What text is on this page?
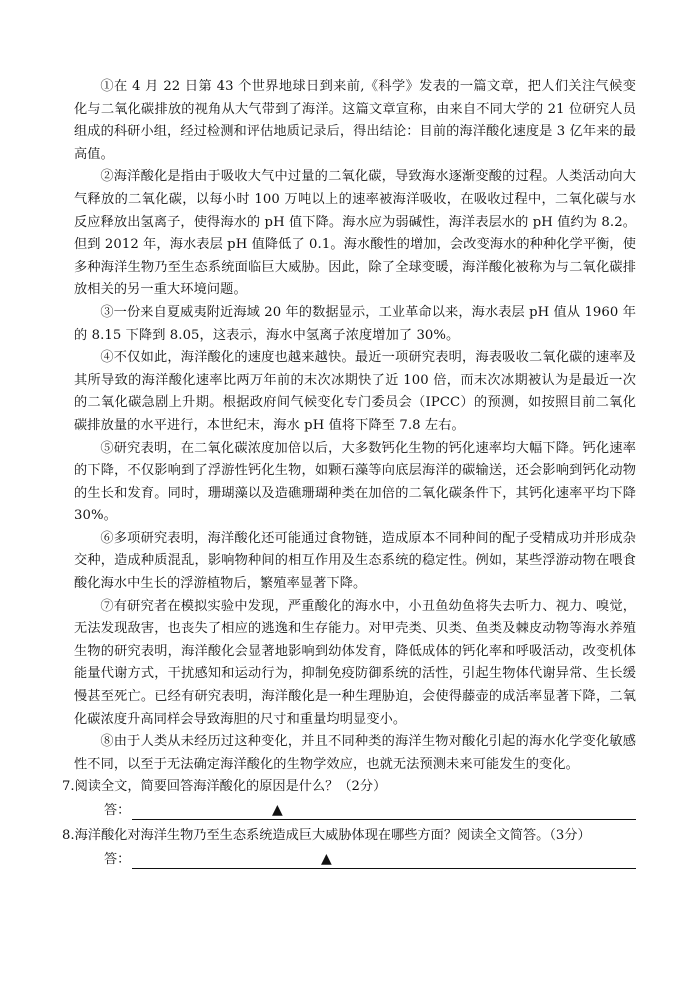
①在 4 月 22 日第 43 个世界地球日到来前,《科学》发表的一篇文章，把人们关注气候变化与二氧化碳排放的视角从大气带到了海洋。这篇文章宣称，由来自不同大学的 21 位研究人员组成的科研小组，经过检测和评估地质记录后，得出结论：目前的海洋酸化速度是 3 亿年来的最高值。

②海洋酸化是指由于吸收大气中过量的二氧化碳，导致海水逐渐变酸的过程。人类活动向大气释放的二氧化碳，以每小时 100 万吨以上的速率被海洋吸收，在吸收过程中，二氧化碳与水反应释放出氢离子，使得海水的 pH 值下降。海水应为弱碱性，海洋表层水的 pH 值约为 8.2。但到 2012 年，海水表层 pH 值降低了 0.1。海水酸性的增加，会改变海水的种种化学平衡，使多种海洋生物乃至生态系统面临巨大威胁。因此，除了全球变暖，海洋酸化被称为与二氧化碳排放相关的另一重大环境问题。

③一份来自夏威夷附近海域 20 年的数据显示，工业革命以来，海水表层 pH 值从 1960 年的 8.15 下降到 8.05，这表示，海水中氢离子浓度增加了 30%。

④不仅如此，海洋酸化的速度也越来越快。最近一项研究表明，海表吸收二氧化碳的速率及其所导致的海洋酸化速率比两万年前的末次冰期快了近 100 倍，而末次冰期被认为是最近一次的二氧化碳急剧上升期。根据政府间气候变化专门委员会（IPCC）的预测，如按照目前二氧化碳排放量的水平进行，本世纪末，海水 pH 值将下降至 7.8 左右。

⑤研究表明，在二氧化碳浓度加倍以后，大多数钙化生物的钙化速率均大幅下降。钙化速率的下降，不仅影响到了浮游性钙化生物，如颗石藻等向底层海洋的碳输送，还会影响到钙化动物的生长和发育。同时，珊瑚藻以及造礁珊瑚种类在加倍的二氧化碳条件下，其钙化速率平均下降 30%。

⑥多项研究表明，海洋酸化还可能通过食物链，造成原本不同种间的配子受精成功并形成杂交种，造成种质混乱，影响物种间的相互作用及生态系统的稳定性。例如，某些浮游动物在喂食酸化海水中生长的浮游植物后，繁殖率显著下降。

⑦有研究者在模拟实验中发现，严重酸化的海水中，小丑鱼幼鱼将失去听力、视力、嗅觉，无法发现敌害，也丧失了相应的逃逸和生存能力。对甲壳类、贝类、鱼类及棘皮动物等海水养殖生物的研究表明，海洋酸化会显著地影响到幼体发育，降低成体的钙化率和呼吸活动，改变机体能量代谢方式，干扰感知和运动行为，抑制免疫防御系统的活性，引起生物体代谢异常、生长缓慢甚至死亡。已经有研究表明，海洋酸化是一种生理胁迫，会使得藤壶的成活率显著下降，二氧化碳浓度升高同样会导致海胆的尺寸和重量均明显变小。

⑧由于人类从未经历过这种变化，并且不同种类的海洋生物对酸化引起的海水化学变化敏感性不同，以至于无法确定海洋酸化的生物学效应，也就无法预测未来可能发生的变化。

7.阅读全文，简要回答海洋酸化的原因是什么？（2分）

答：	▲

8.海洋酸化对海洋生物乃至生态系统造成巨大威胁体现在哪些方面？阅读全文简答。（3分）

答：	▲
